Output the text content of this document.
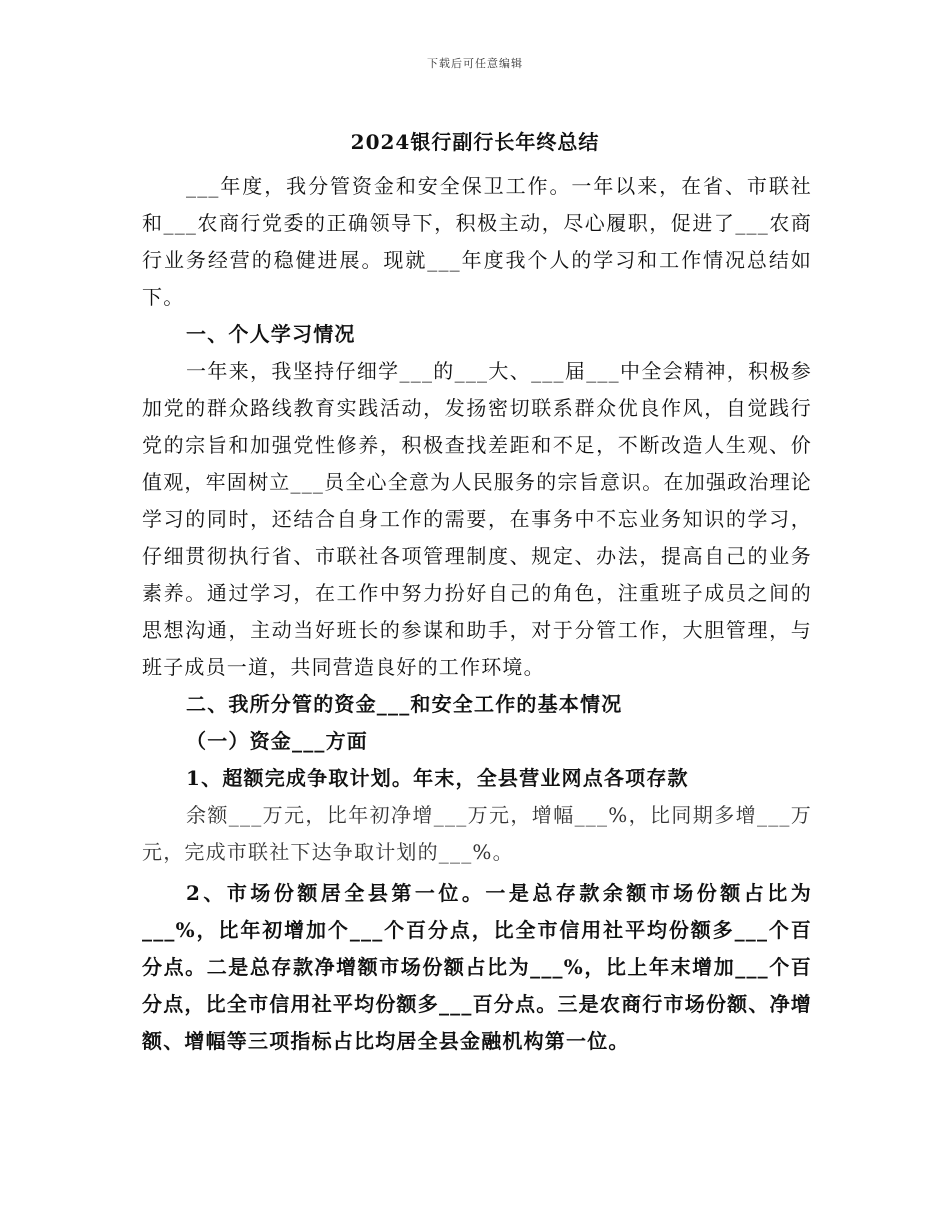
下载后可任意编辑
2024银行副行长年终总结

___年度，我分管资金和安全保卫工作。一年以来，在省、市联社和___农商行党委的正确领导下，积极主动，尽心履职，促进了___农商行业务经营的稳健进展。现就___年度我个人的学习和工作情况总结如下。

一、个人学习情况

一年来，我坚持仔细学___的___大、___届___中全会精神，积极参加党的群众路线教育实践活动，发扬密切联系群众优良作风，自觉践行党的宗旨和加强党性修养，积极查找差距和不足，不断改造人生观、价值观，牢固树立___员全心全意为人民服务的宗旨意识。在加强政治理论学习的同时，还结合自身工作的需要，在事务中不忘业务知识的学习，仔细贯彻执行省、市联社各项管理制度、规定、办法，提高自己的业务素养。通过学习，在工作中努力扮好自己的角色，注重班子成员之间的思想沟通，主动当好班长的参谋和助手，对于分管工作，大胆管理，与班子成员一道，共同营造良好的工作环境。

二、我所分管的资金___和安全工作的基本情况

（一）资金___方面

1、超额完成争取计划。年末，全县营业网点各项存款

余额___万元，比年初净增___万元，增幅___%，比同期多增___万元，完成市联社下达争取计划的___%。

2、市场份额居全县第一位。一是总存款余额市场份额占比为___%，比年初增加个___个百分点，比全市信用社平均份额多___个百分点。二是总存款净增额市场份额占比为___%，比上年末增加___个百分点，比全市信用社平均份额多___百分点。三是农商行市场份额、净增额、增幅等三项指标占比均居全县金融机构第一位。
